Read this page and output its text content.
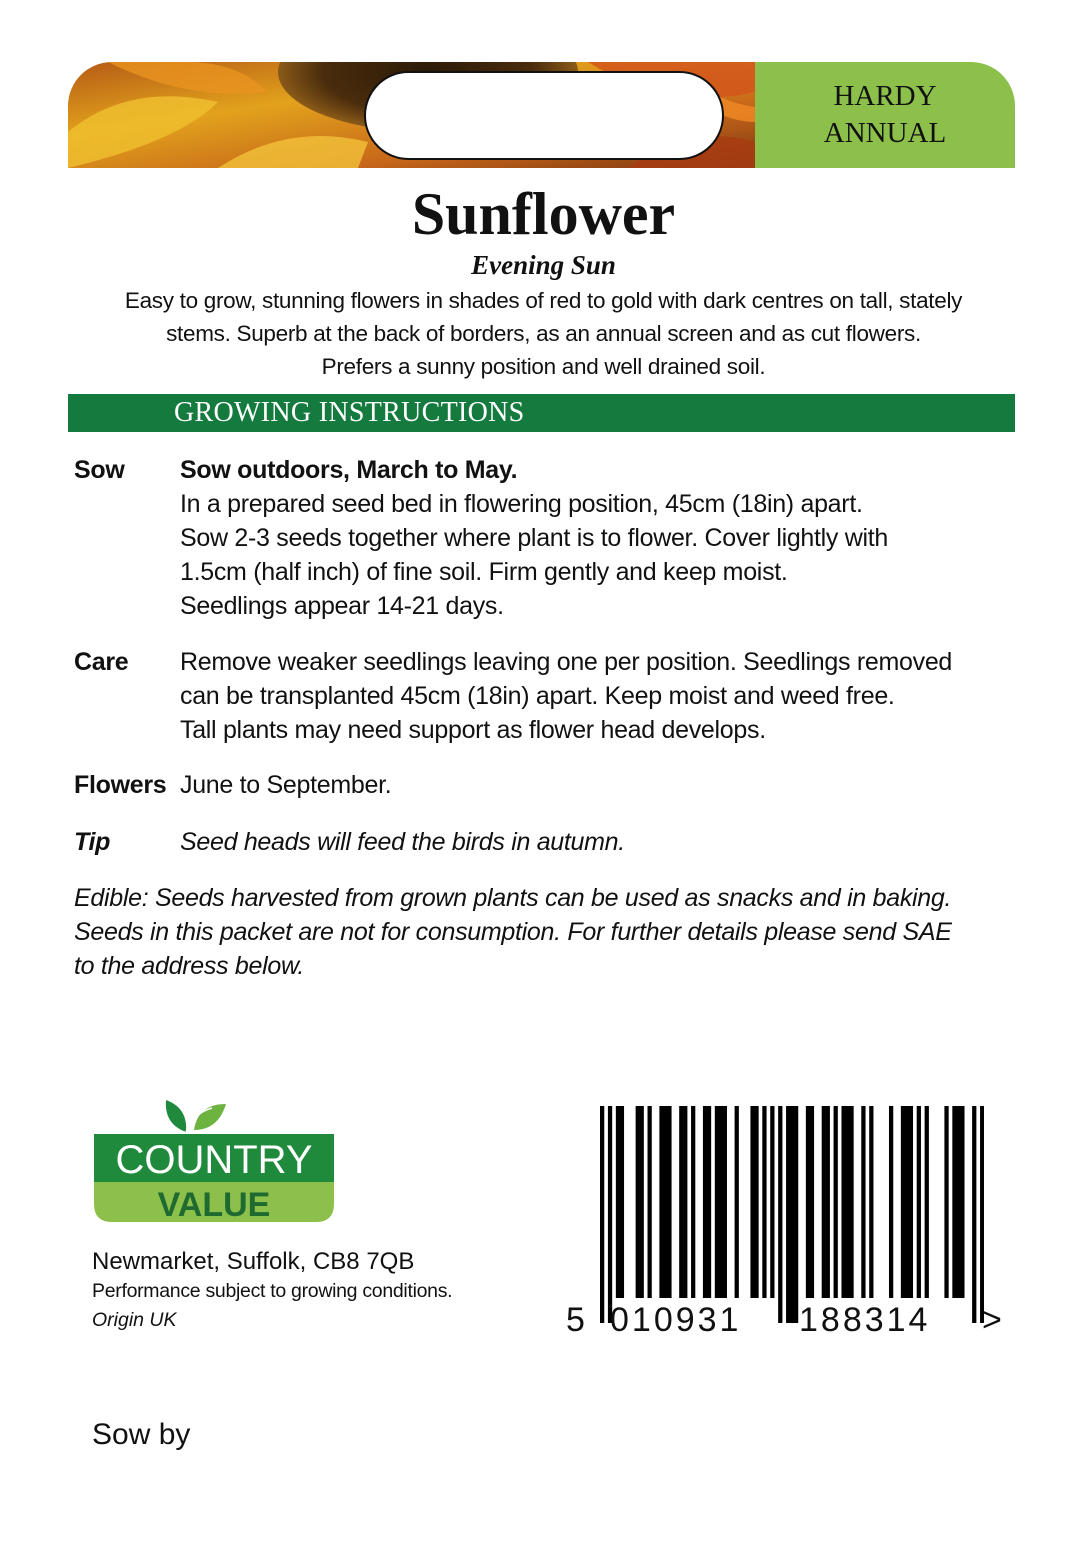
HARDY
ANNUAL
Sunflower
Evening Sun
Easy to grow, stunning flowers in shades of red to gold with dark centres on tall, stately
stems. Superb at the back of borders, as an annual screen and as cut flowers.
Prefers a sunny position and well drained soil.
GROWING INSTRUCTIONS
Sow Sow outdoors, March to May.
In a prepared seed bed in flowering position, 45cm (18in) apart.
Sow 2-3 seeds together where plant is to flower. Cover lightly with
1.5cm (half inch) of fine soil. Firm gently and keep moist.
Seedlings appear 14-21 days.
Care Remove weaker seedlings leaving one per position. Seedlings removed
can be transplanted 45cm (18in) apart. Keep moist and weed free.
Tall plants may need support as flower head develops.
Flowers June to September.
Tip	Seed heads will feed the birds in autumn.
Edible: Seeds harvested from grown plants can be used as snacks and in baking.
Seeds in this packet are not for consumption. For further details please send SAE
to the address below.
COUNTRY
VALUE
Newmarket, Suffolk, CB8 7QB
Performance subject to growing conditions.
Origin UK	5 010931 188314 >
Sow by
